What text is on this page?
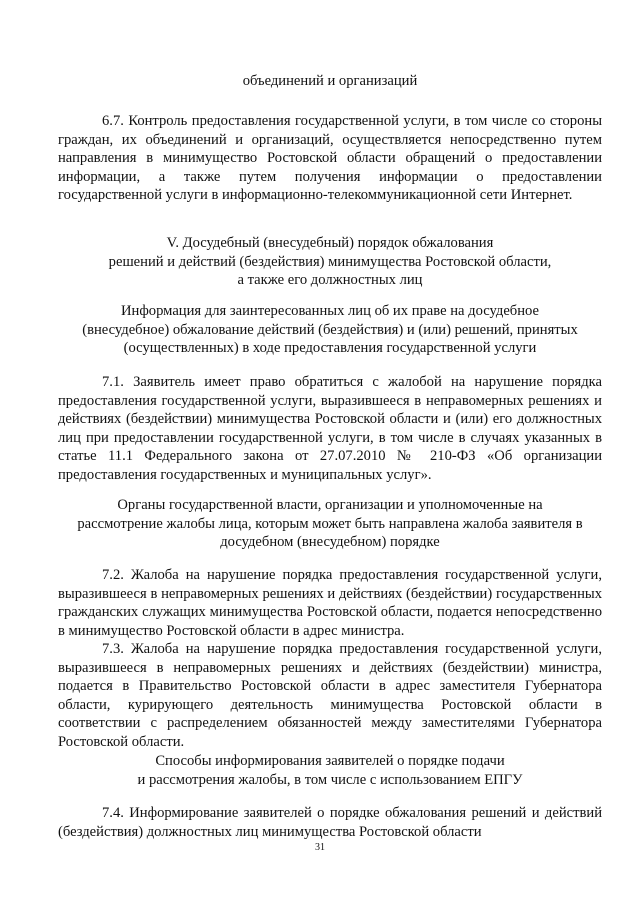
объединений и организаций
6.7. Контроль предоставления государственной услуги, в том числе со стороны граждан, их объединений и организаций, осуществляется непосредственно путем направления в минимущество Ростовской области обращений о предоставлении информации, а также путем получения информации о предоставлении государственной услуги в информационно-телекоммуникационной сети Интернет.
V. Досудебный (внесудебный) порядок обжалования
решений и действий (бездействия) минимущества Ростовской области,
а также его должностных лиц
Информация для заинтересованных лиц об их праве на досудебное
(внесудебное) обжалование действий (бездействия) и (или) решений, принятых
(осуществленных) в ходе предоставления государственной услуги
7.1. Заявитель имеет право обратиться с жалобой на нарушение порядка предоставления государственной услуги, выразившееся в неправомерных решениях и действиях (бездействии) минимущества Ростовской области и (или) его должностных лиц при предоставлении государственной услуги, в том числе в случаях указанных в статье 11.1 Федерального закона от 27.07.2010 № 210-ФЗ «Об организации предоставления государственных и муниципальных услуг».
Органы государственной власти, организации и уполномоченные на
рассмотрение жалобы лица, которым может быть направлена жалоба заявителя в
досудебном (внесудебном) порядке
7.2. Жалоба на нарушение порядка предоставления государственной услуги, выразившееся в неправомерных решениях и действиях (бездействии) государственных гражданских служащих минимущества Ростовской области, подается непосредственно в минимущество Ростовской области в адрес министра.
7.3. Жалоба на нарушение порядка предоставления государственной услуги, выразившееся в неправомерных решениях и действиях (бездействии) министра, подается в Правительство Ростовской области в адрес заместителя Губернатора области, курирующего деятельность минимущества Ростовской области в соответствии с распределением обязанностей между заместителями Губернатора Ростовской области.
Способы информирования заявителей о порядке подачи
и рассмотрения жалобы, в том числе с использованием ЕПГУ
7.4. Информирование заявителей о порядке обжалования решений и действий (бездействия) должностных лиц минимущества Ростовской области
31
